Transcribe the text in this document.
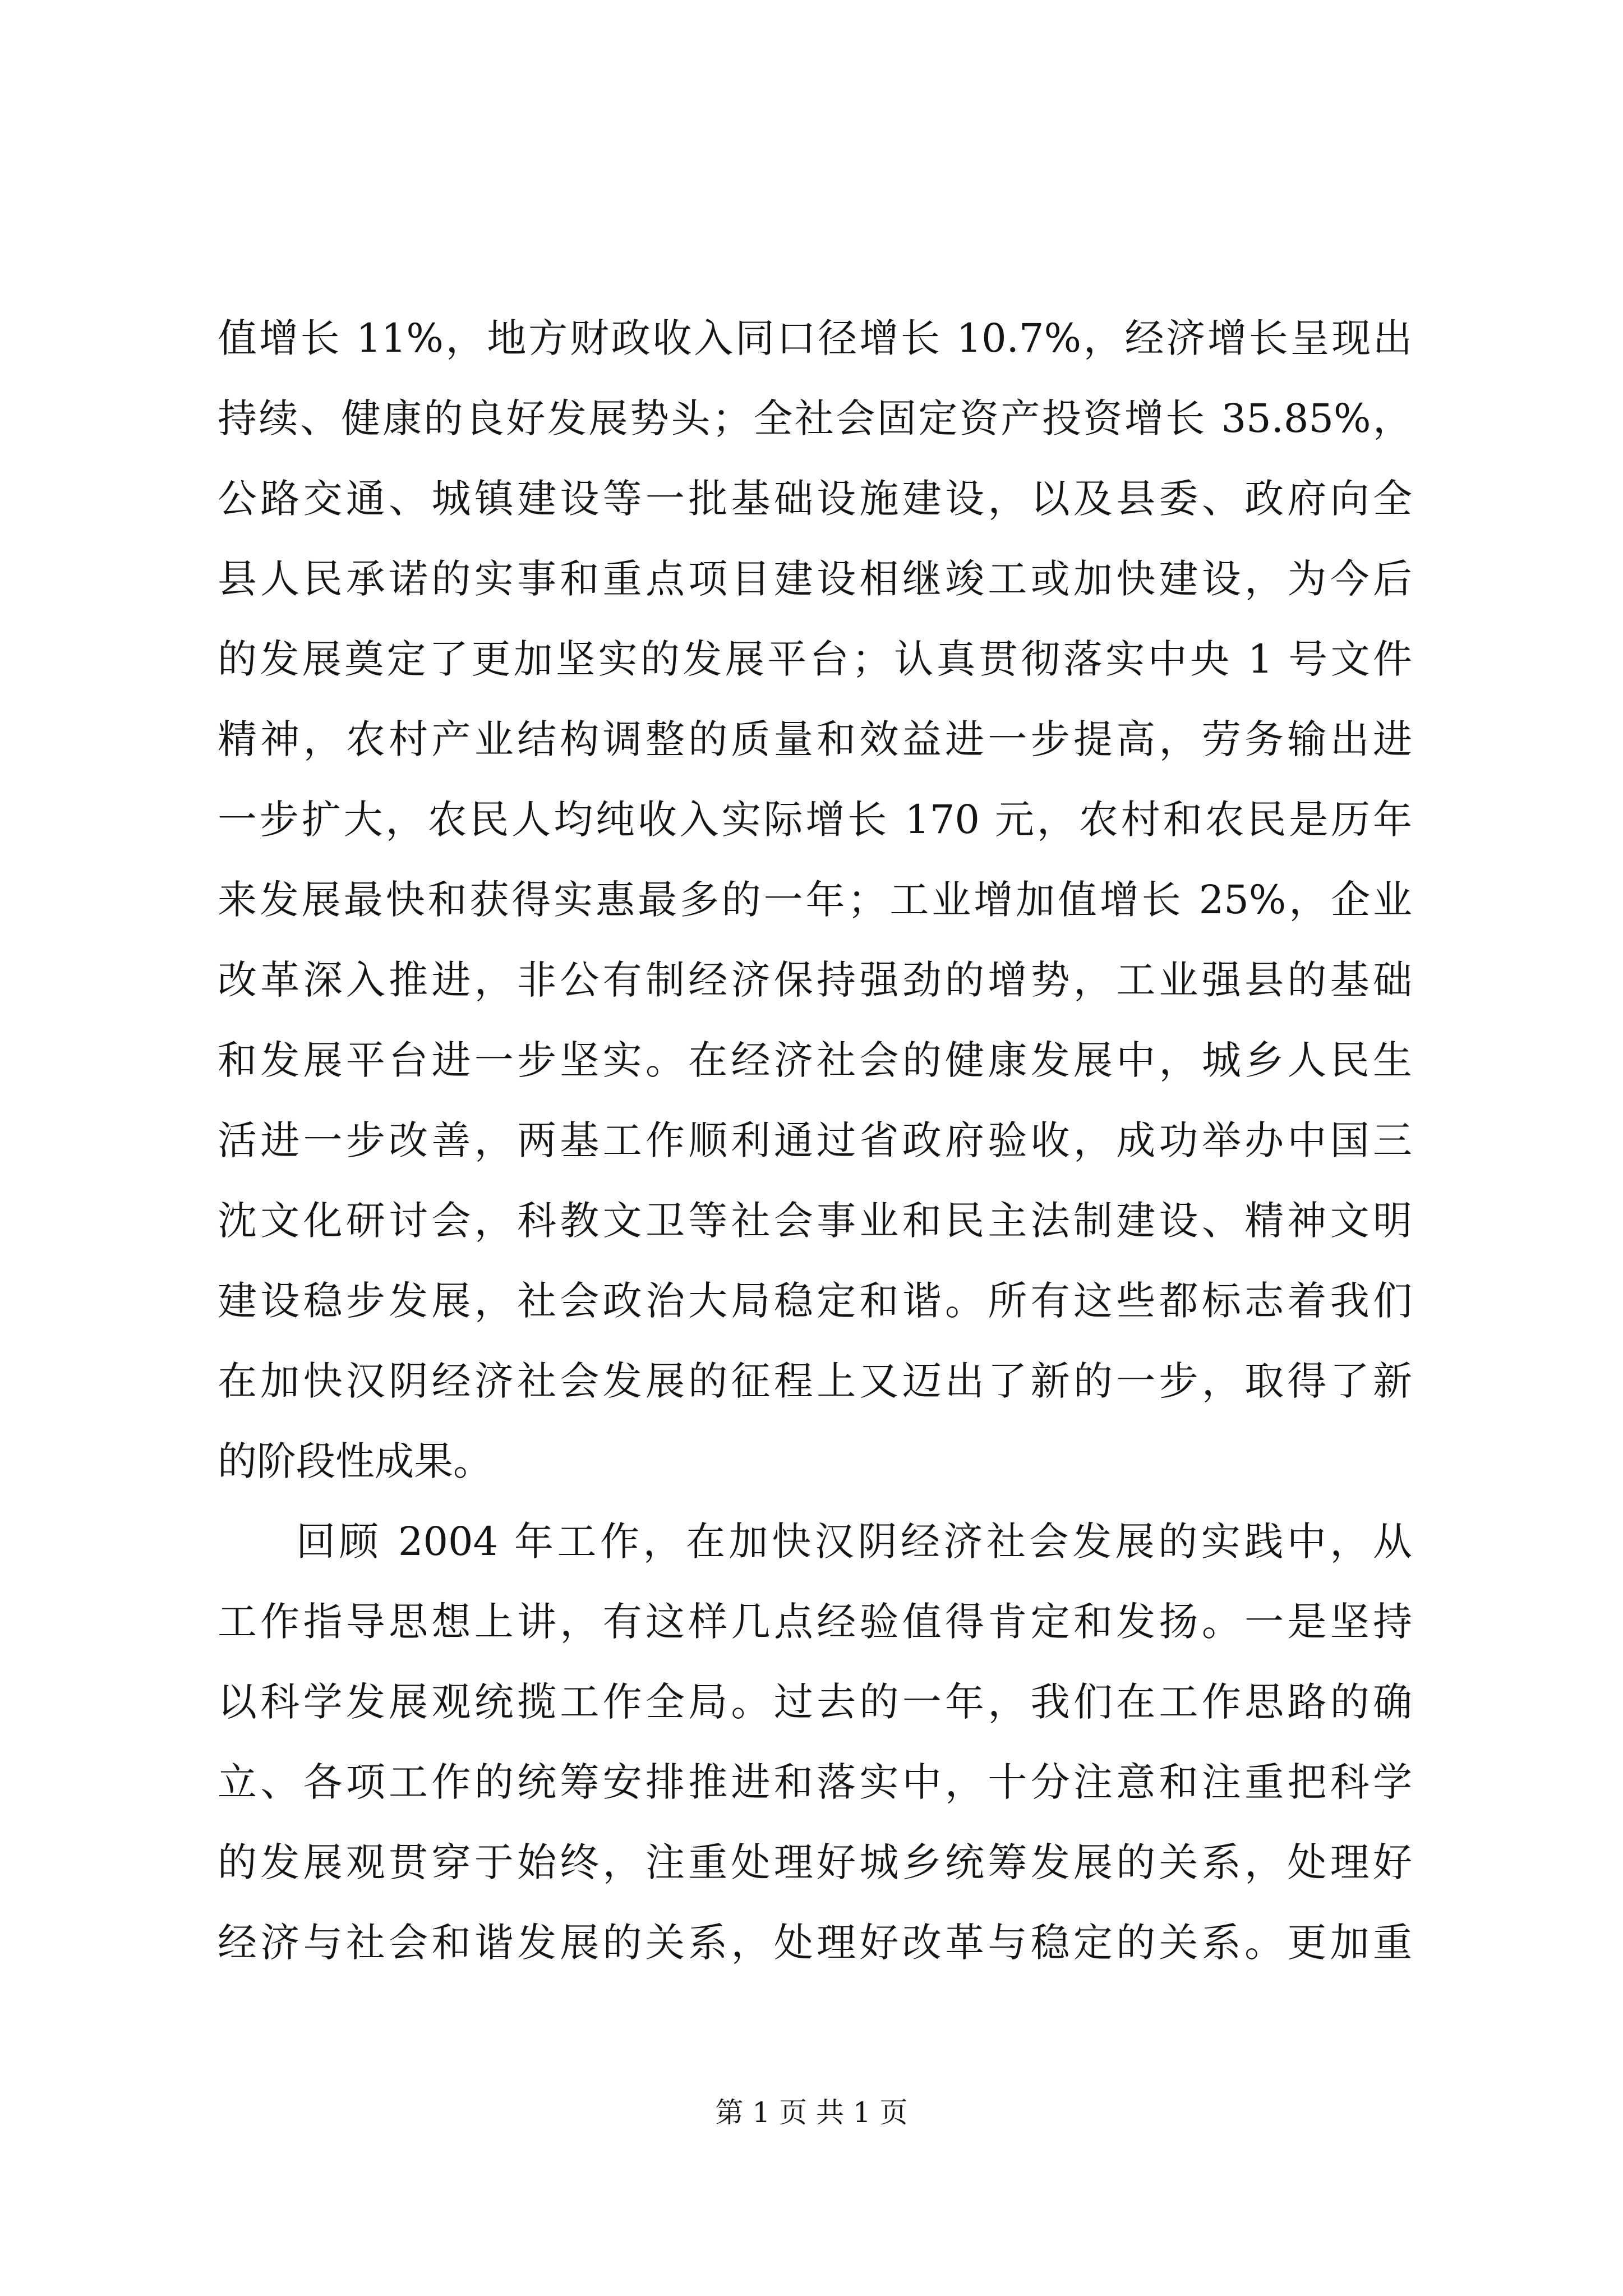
值增长 11%，地方财政收入同口径增长 10.7%，经济增长呈现出

持续、健康的良好发展势头；全社会固定资产投资增长 35.85%，

公路交通、城镇建设等一批基础设施建设，以及县委、政府向全

县人民承诺的实事和重点项目建设相继竣工或加快建设，为今后

的发展奠定了更加坚实的发展平台；认真贯彻落实中央 1 号文件

精神，农村产业结构调整的质量和效益进一步提高，劳务输出进

一步扩大，农民人均纯收入实际增长 170 元，农村和农民是历年

来发展最快和获得实惠最多的一年；工业增加值增长 25%，企业

改革深入推进，非公有制经济保持强劲的增势，工业强县的基础

和发展平台进一步坚实。在经济社会的健康发展中，城乡人民生

活进一步改善，两基工作顺利通过省政府验收，成功举办中国三

沈文化研讨会，科教文卫等社会事业和民主法制建设、精神文明

建设稳步发展，社会政治大局稳定和谐。所有这些都标志着我们

在加快汉阴经济社会发展的征程上又迈出了新的一步，取得了新

的阶段性成果。

回顾 2004 年工作，在加快汉阴经济社会发展的实践中，从

工作指导思想上讲，有这样几点经验值得肯定和发扬。一是坚持

以科学发展观统揽工作全局。过去的一年，我们在工作思路的确

立、各项工作的统筹安排推进和落实中，十分注意和注重把科学

的发展观贯穿于始终，注重处理好城乡统筹发展的关系，处理好

经济与社会和谐发展的关系，处理好改革与稳定的关系。更加重

第 1 页 共 1 页
